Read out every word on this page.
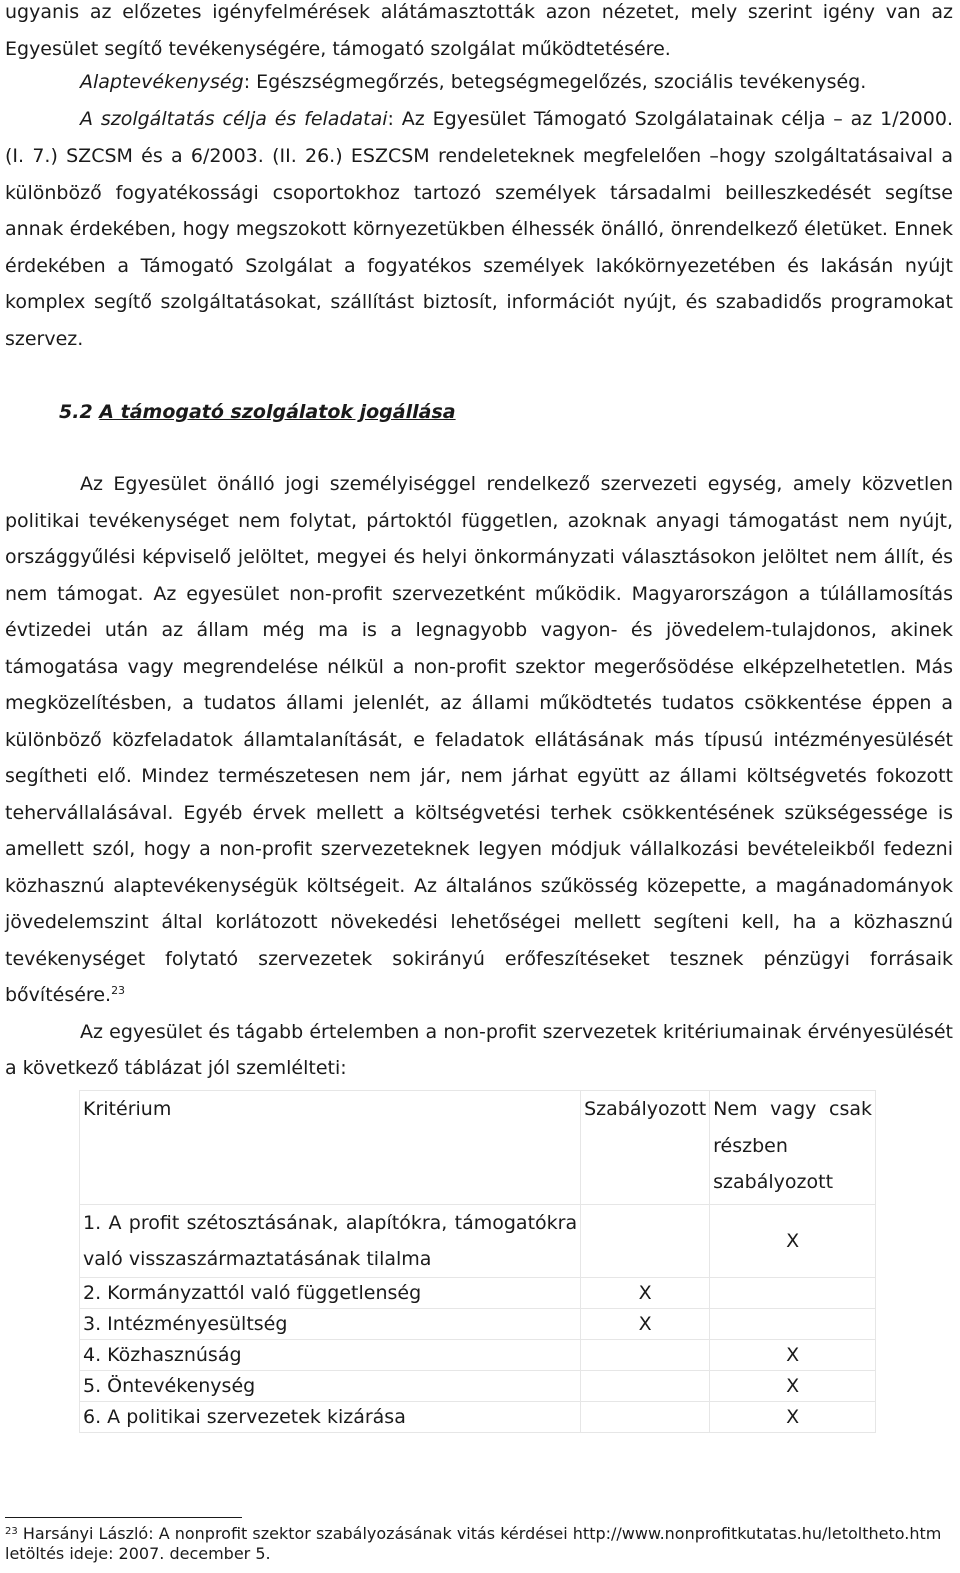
ugyanis az előzetes igényfelmérések alátámasztották azon nézetet, mely szerint igény van az
Egyesület segítő tevékenységére, támogató szolgálat működtetésére.

Alaptevékenység: Egészségmegőrzés, betegségmegelőzés, szociális tevékenység.

A szolgáltatás célja és feladatai: Az Egyesület Támogató Szolgálatainak célja – az 1/2000.

(I. 7.) SZCSM és a 6/2003. (II. 26.) ESZCSM rendeleteknek megfelelően –hogy szolgáltatásaival a különböző fogyatékossági csoportokhoz tartozó személyek társadalmi beilleszkedését segítse annak érdekében, hogy megszokott környezetükben élhessék önálló, önrendelkező életüket. Ennek érdekében a Támogató Szolgálat a fogyatékos személyek lakókörnyezetében és lakásán nyújt komplex segítő szolgáltatásokat, szállítást biztosít, információt nyújt, és szabadidős programokat szervez.

5.2 A támogató szolgálatok jogállása

Az Egyesület önálló jogi személyiséggel rendelkező szervezeti egység, amely közvetlen politikai tevékenységet nem folytat, pártoktól független, azoknak anyagi támogatást nem nyújt, országgyűlési képviselő jelöltet, megyei és helyi önkormányzati választásokon jelöltet nem állít, és nem támogat. Az egyesület non-profit szervezetként működik. Magyarországon a túlállamosítás évtizedei után az állam még ma is a legnagyobb vagyon- és jövedelem-tulajdonos, akinek támogatása vagy megrendelése nélkül a non-profit szektor megerősödése elképzelhetetlen. Más megközelítésben, a tudatos állami jelenlét, az állami működtetés tudatos csökkentése éppen a különböző közfeladatok államtalanítását, e feladatok ellátásának más típusú intézményesülését segítheti elő. Mindez természetesen nem jár, nem járhat együtt az állami költségvetés fokozott tehervállalásával. Egyéb érvek mellett a költségvetési terhek csökkentésének szükségessége is amellett szól, hogy a non-profit szervezeteknek legyen módjuk vállalkozási bevételeikből fedezni közhasznú alaptevékenységük költségeit. Az általános szűkösség közepette, a magánadományok jövedelemszint által korlátozott növekedési lehetőségei mellett segíteni kell, ha a közhasznú tevékenységet folytató szervezetek sokirányú erőfeszítéseket tesznek pénzügyi forrásaik bővítésére.$^{23}$

Az egyesület és tágabb értelemben a non-profit szervezetek kritériumainak érvényesülését a következő táblázat jól szemlélteti:

Kritérium	Szabályozott	Nem vagy csak részben szabályozott
1. A profit szétosztásának, alapítókra, támogatókra való visszaszármaztatásának tilalma		X
2. Kormányzattól való függetlenség	X	
3. Intézményesültség	X	
4. Közhasznúság		X
5. Öntevékenység		X
6. A politikai szervezetek kizárása		X
$^{23}$ Harsányi László: A nonprofit szektor szabályozásának vitás kérdései http://www.nonprofitkutatas.hu/letoltheto.htm
letöltés ideje: 2007. december 5.
